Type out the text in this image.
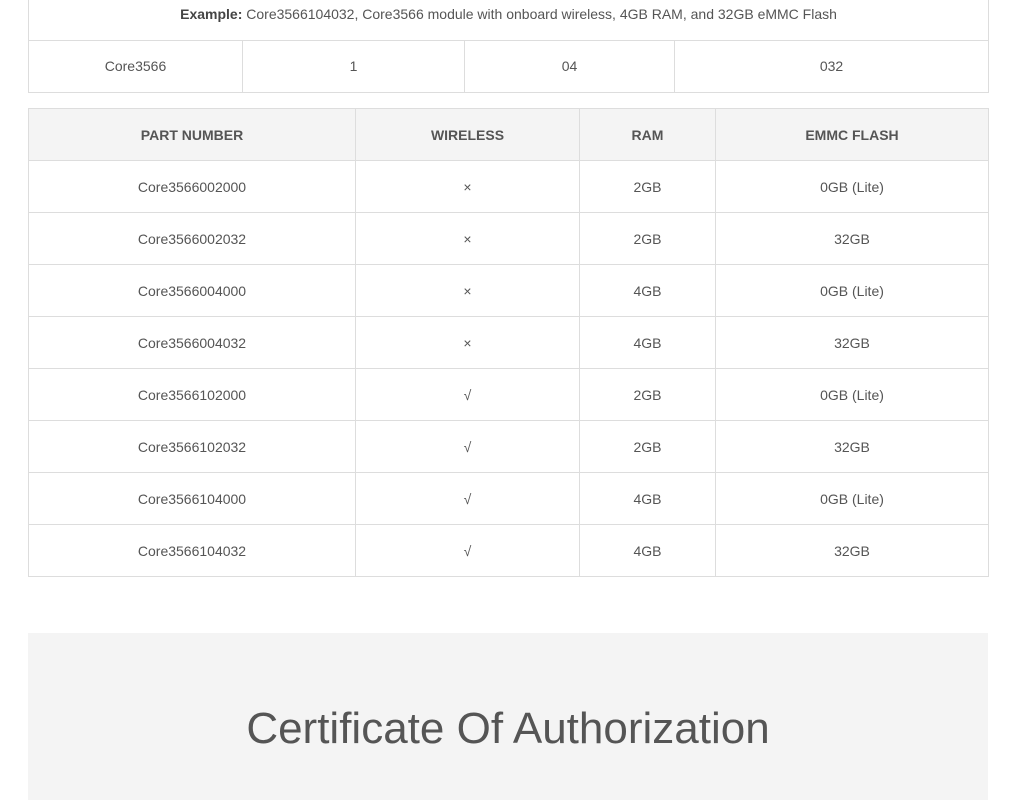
Example: Core3566104032, Core3566 module with onboard wireless, 4GB RAM, and 32GB eMMC Flash
Core3566	1	04	032
PART NUMBER	WIRELESS	RAM	EMMC FLASH
Core3566002000	×	2GB	0GB (Lite)
Core3566002032	×	2GB	32GB
Core3566004000	×	4GB	0GB (Lite)
Core3566004032	×	4GB	32GB
Core3566102000	√	2GB	0GB (Lite)
Core3566102032	√	2GB	32GB
Core3566104000	√	4GB	0GB (Lite)
Core3566104032	√	4GB	32GB
Certificate Of Authorization
